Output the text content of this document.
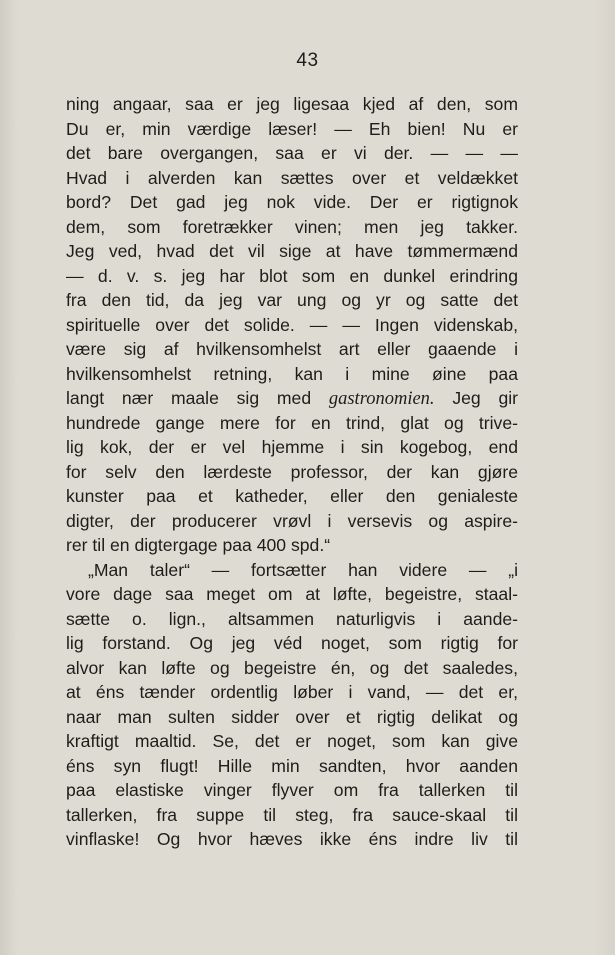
43
ning angaar, saa er jeg ligesaa kjed af den, som
Du er, min værdige læser! — Eh bien! Nu er
det bare overgangen, saa er vi der. — — —
Hvad i alverden kan sættes over et veldækket
bord? Det gad jeg nok vide. Der er rigtignok
dem, som foretrækker vinen; men jeg takker.
Jeg ved, hvad det vil sige at have tømmermænd
— d. v. s. jeg har blot som en dunkel erindring
fra den tid, da jeg var ung og yr og satte det
spirituelle over det solide. — — Ingen videnskab,
være sig af hvilkensomhelst art eller gaaende i
hvilkensomhelst retning, kan i mine øine paa
langt nær maale sig med gastronomien. Jeg gir
hundrede gange mere for en trind, glat og trive-
lig kok, der er vel hjemme i sin kogebog, end
for selv den lærdeste professor, der kan gjøre
kunster paa et katheder, eller den genialeste
digter, der producerer vrøvl i versevis og aspire-
rer til en digtergage paa 400 spd.“
„Man taler“ — fortsætter han videre — „i
vore dage saa meget om at løfte, begeistre, staal-
sætte o. lign., altsammen naturligvis i aande-
lig forstand. Og jeg véd noget, som rigtig for
alvor kan løfte og begeistre én, og det saaledes,
at éns tænder ordentlig løber i vand, — det er,
naar man sulten sidder over et rigtig delikat og
kraftigt maaltid. Se, det er noget, som kan give
éns syn flugt! Hille min sandten, hvor aanden
paa elastiske vinger flyver om fra tallerken til
tallerken, fra suppe til steg, fra sauce-skaal til
vinflaske! Og hvor hæves ikke éns indre liv til
